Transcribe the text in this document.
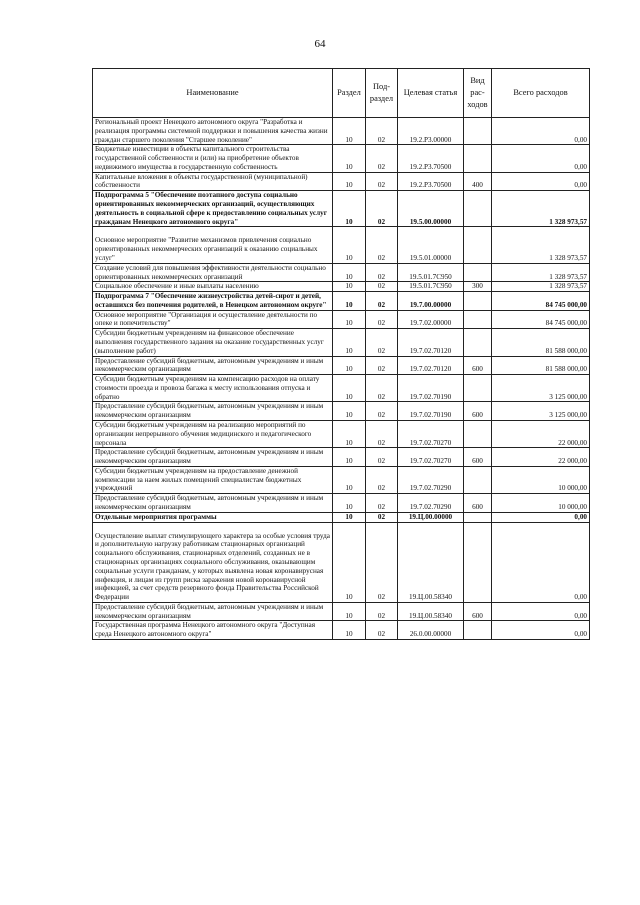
64
Наименование	Раздел	Под-раздел	Целевая статья	Вид рас-ходов	Всего расходов
Региональный проект Ненецкого автономного округа "Разработка и реализация программы системной поддержки и повышения качества жизни граждан старшего поколения "Старшее поколение"	10	02	19.2.P3.00000		0,00
Бюджетные инвестиции в объекты капитального строительства государственной собственности и (или) на приобретение объектов недвижимого имущества в государственную собственность	10	02	19.2.P3.70500		0,00
Капитальные вложения в объекты государственной (муниципальной) собственности	10	02	19.2.P3.70500	400	0,00
Подпрограмма 5 "Обеспечение поэтапного доступа социально ориентированных некоммерческих организаций, осуществляющих деятельность в социальной сфере к предоставлению социальных услуг гражданам Ненецкого автономного округа"	10	02	19.5.00.00000		1 328 973,57
Основное мероприятие "Развитие механизмов привлечения социально ориентированных некоммерческих организаций к оказанию социальных услуг"	10	02	19.5.01.00000		1 328 973,57
Создание условий для повышения эффективности деятельности социально ориентированных некоммерческих организаций	10	02	19.5.01.7С950		1 328 973,57
Социальное обеспечение и иные выплаты населению	10	02	19.5.01.7С950	300	1 328 973,57
Подпрограмма 7 "Обеспечение жизнеустройства детей-сирот и детей, оставшихся без попечения родителей, в Ненецком автономном округе"	10	02	19.7.00.00000		84 745 000,00
Основное мероприятие "Организация и осуществление деятельности по опеке и попечительству"	10	02	19.7.02.00000		84 745 000,00
Субсидии бюджетным учреждениям на финансовое обеспечение выполнения государственного задания на оказание государственных услуг (выполнение работ)	10	02	19.7.02.70120		81 588 000,00
Предоставление субсидий бюджетным, автономным учреждениям и иным некоммерческим организациям	10	02	19.7.02.70120	600	81 588 000,00
Субсидии бюджетным учреждениям на компенсацию расходов на оплату стоимости проезда и провоза багажа к месту использования отпуска и обратно	10	02	19.7.02.70190		3 125 000,00
Предоставление субсидий бюджетным, автономным учреждениям и иным некоммерческим организациям	10	02	19.7.02.70190	600	3 125 000,00
Субсидии бюджетным учреждениям на реализацию мероприятий по организации непрерывного обучения медицинского и педагогического персонала	10	02	19.7.02.70270		22 000,00
Предоставление субсидий бюджетным, автономным учреждениям и иным некоммерческим организациям	10	02	19.7.02.70270	600	22 000,00
Субсидии бюджетным учреждениям на предоставление денежной компенсации за наем жилых помещений специалистам бюджетных учреждений	10	02	19.7.02.70290		10 000,00
Предоставление субсидий бюджетным, автономным учреждениям и иным некоммерческим организациям	10	02	19.7.02.70290	600	10 000,00
Отдельные мероприятия программы	10	02	19.Ц.00.00000		0,00
Осуществление выплат стимулирующего характера за особые условия труда и дополнительную нагрузку работникам стационарных организаций социального обслуживания, стационарных отделений, созданных не в стационарных организациях социального обслуживания, оказывающим социальные услуги гражданам, у которых выявлена новая коронавирусная инфекция, и лицам из групп риска заражения новой коронавирусной инфекцией, за счет средств резервного фонда Правительства Российской Федерации	10	02	19.Ц.00.58340		0,00
Предоставление субсидий бюджетным, автономным учреждениям и иным некоммерческим организациям	10	02	19.Ц.00.58340	600	0,00
Государственная программа Ненецкого автономного округа "Доступная среда Ненецкого автономного округа"	10	02	26.0.00.00000		0,00
